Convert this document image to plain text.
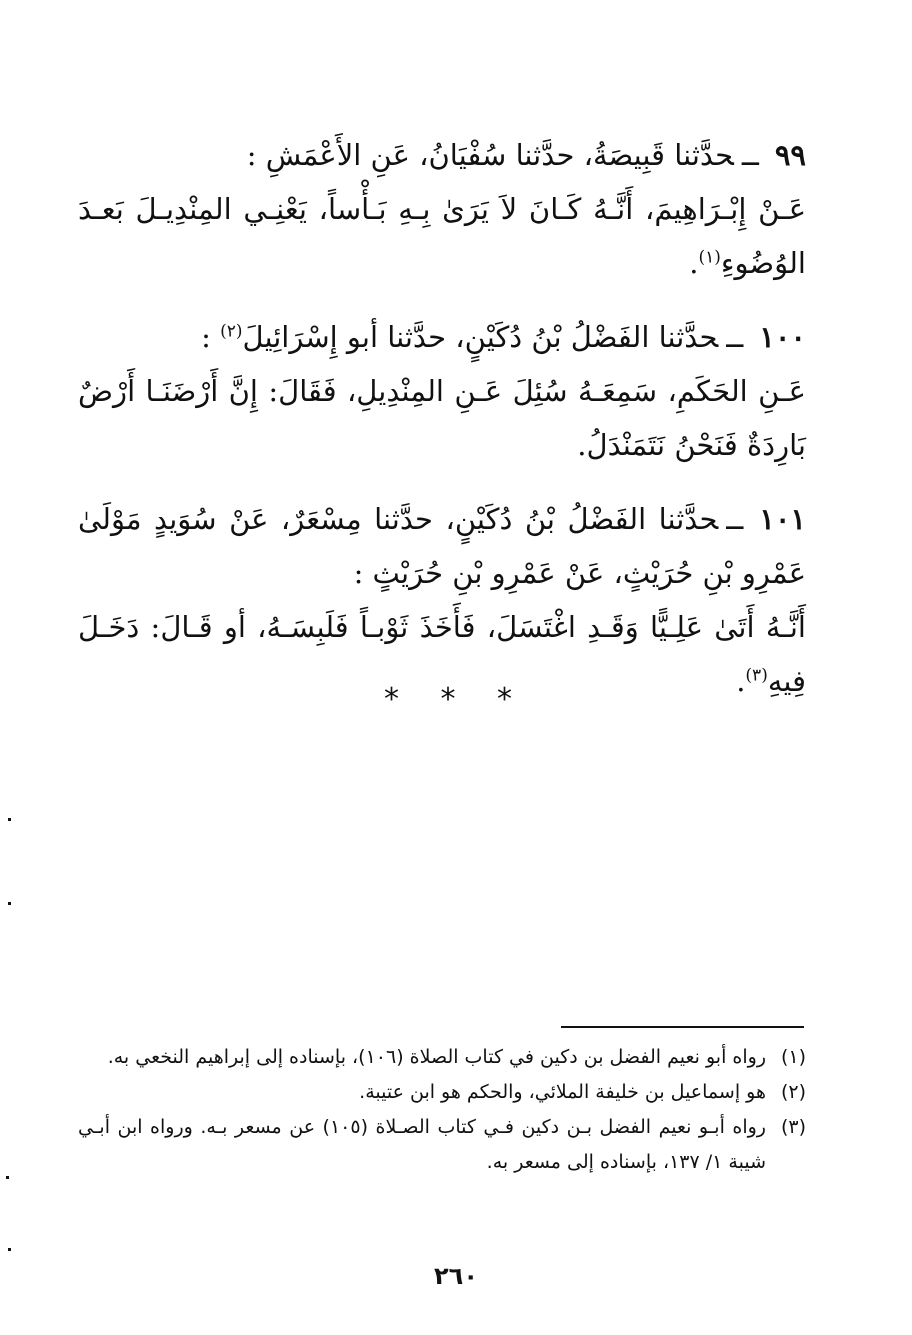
٩٩ــحدَّثنا قَبِيصَةُ، حدَّثنا سُفْيَانُ، عَنِ الأَعْمَشِ :

عَـنْ إِبْـرَاهِيمَ، أَنَّـهُ كَـانَ لاَ يَرَىٰ بِـهِ بَـأْساً، يَعْنِـي المِنْدِيـلَ بَعـدَ الوُضُوءِ$^{(١)}$.

١٠٠ــحدَّثنا الفَضْلُ بْنُ دُكَيْنٍ، حدَّثنا أبو إِسْرَائِيلَ$^{(٢)}$ :

عَـنِ الحَكَمِ، سَمِعَـهُ سُئِلَ عَـنِ المِنْدِيلِ، فَقَالَ: إِنَّ أَرْضَنَـا أَرْضٌ بَارِدَةٌ فَنَحْنُ نَتَمَنْدَلُ.

١٠١ــحدَّثنا الفَضْلُ بْنُ دُكَيْنٍ، حدَّثنا مِسْعَرٌ، عَنْ سُوَيدٍ مَوْلَىٰ عَمْرِو بْنِ حُرَيْثٍ، عَنْ عَمْرِو بْنِ حُرَيْثٍ :

أَنَّـهُ أَتَىٰ عَلِـيًّا وَقَـدِ اغْتَسَلَ، فَأَخَذَ ثَوْبـاً فَلَبِسَـهُ، أو قَـالَ: دَخَـلَ فِيهِ$^{(٣)}$.

* * *

(١)
رواه أبو نعيم الفضل بن دكين في كتاب الصلاة (١٠٦)، بإسناده إلى إبراهيم النخعي به.

(٢)
هو إسماعيل بن خليفة الملائي، والحكم هو ابن عتيبة.

(٣)
رواه أبـو نعيم الفضل بـن دكين فـي كتاب الصـلاة (١٠٥) عن مسعر بـه. ورواه ابن أبـي شيبة ١/ ١٣٧، بإسناده إلى مسعر به.

٢٦٠
